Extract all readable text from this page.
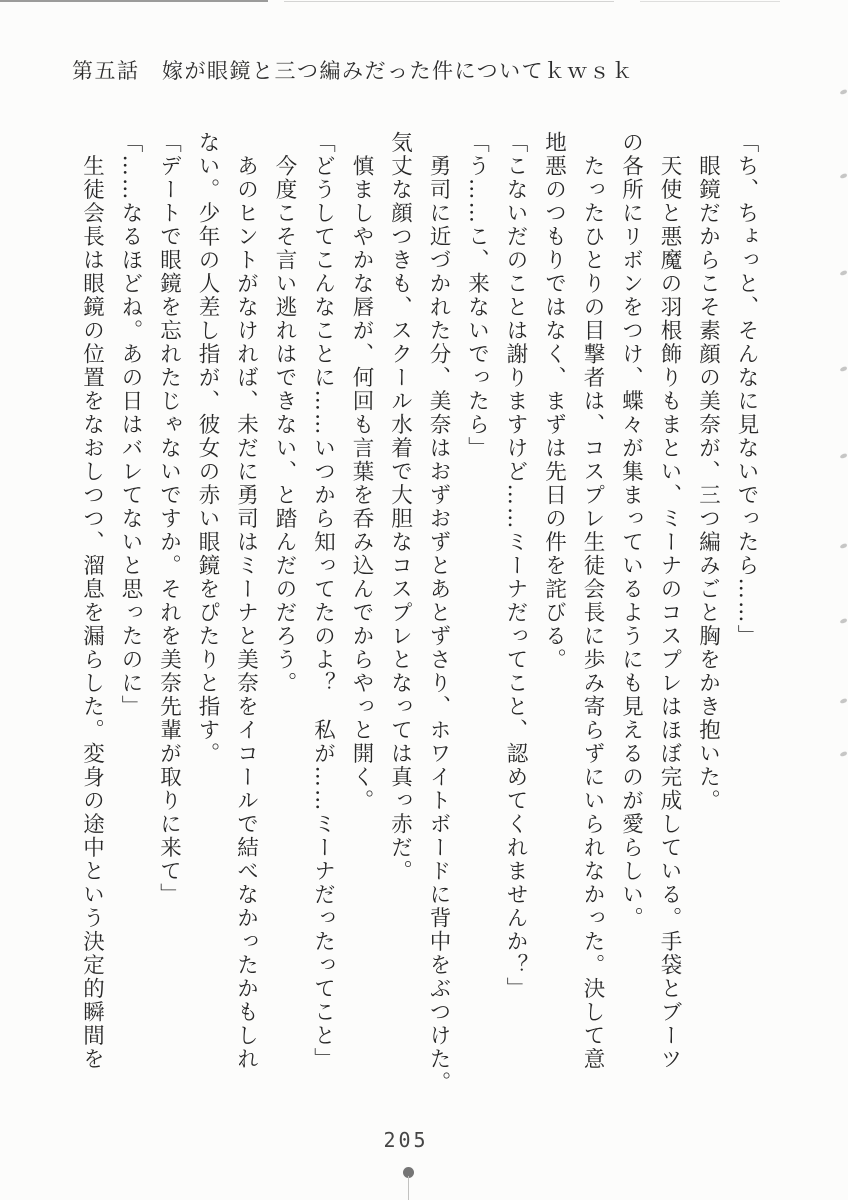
第五話　嫁が眼鏡と三つ編みだった件についてｋｗｓｋ
「ち、ちょっと、そんなに見ないでったら……」
　眼鏡だからこそ素顔の美奈が、三つ編みごと胸をかき抱いた。
　天使と悪魔の羽根飾りもまとい、ミーナのコスプレはほぼ完成している。手袋とブーツ
の各所にリボンをつけ、蝶々が集まっているようにも見えるのが愛らしい。
　たったひとりの目撃者は、コスプレ生徒会長に歩み寄らずにいられなかった。決して意
地悪のつもりではなく、まずは先日の件を詫びる。
「こないだのことは謝りますけど……ミーナだってこと、認めてくれませんか？」
「う……こ、来ないでったら」
　勇司に近づかれた分、美奈はおずおずとあとずさり、ホワイトボードに背中をぶつけた。
気丈な顔つきも、スクール水着で大胆なコスプレとなっては真っ赤だ。
　慎ましやかな唇が、何回も言葉を呑み込んでからやっと開く。
「どうしてこんなことに……いつから知ってたのよ？　私が……ミーナだったってこと」
　今度こそ言い逃れはできない、と踏んだのだろう。
　あのヒントがなければ、未だに勇司はミーナと美奈をイコールで結べなかったかもしれ
ない。少年の人差し指が、彼女の赤い眼鏡をぴたりと指す。
「デートで眼鏡を忘れたじゃないですか。それを美奈先輩が取りに来て」
「……なるほどね。あの日はバレてないと思ったのに」
　生徒会長は眼鏡の位置をなおしつつ、溜息を漏らした。変身の途中という決定的瞬間を
205
